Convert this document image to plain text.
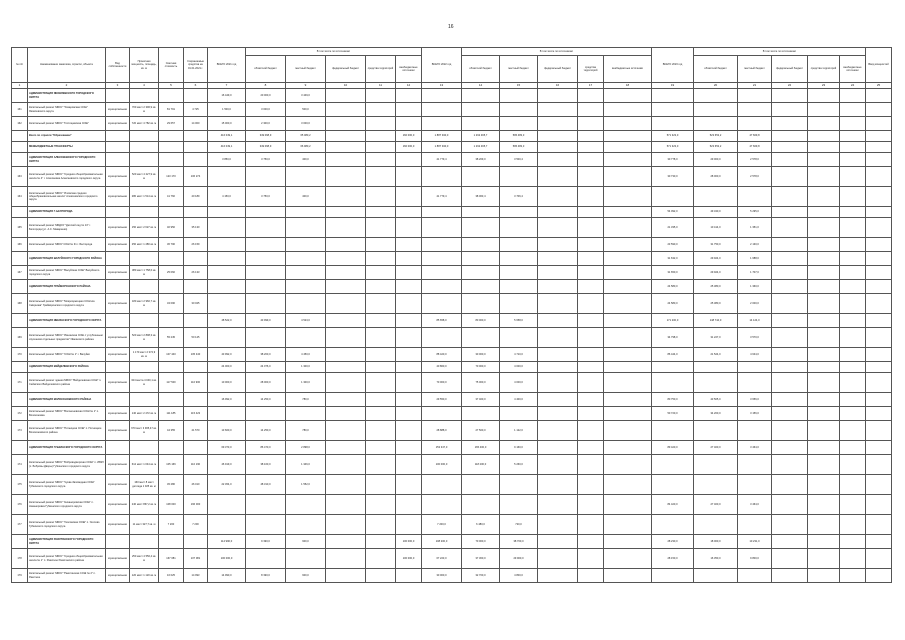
16
№ п/п	Наименование заказчика, отрасли, объекта	Вид собственности	Проектная мощность, площадь, кв. м	Сметная стоимость	Сохраняемые средства на 01.01.2021 г.	ВСЕГО 2021 год	В том числе по источникам:					ВСЕГО 2022 год	В том числе по источникам:					ВСЕГО 2023 год	В том числе по источникам:					Ввод мощностей	
							областной бюджет	местный бюджет	федеральный бюджет	средства территорий	внебюджетные источники		областной бюджет	местный бюджет	федеральный бюджет	средства территорий	внебюджетные источники		областной бюджет	местный бюджет	федеральный бюджет	средства территорий	внебюджетные источники		
1	2	3	4	5	6	7	8	9	10	11	12	13	14	15	16	17	18	19	20	21	22	23	24	25	
	АДМИНИСТРАЦИЯ ЯКОВЛЕВСКОГО ГОРОДСКОГО ОКРУГА					16 449,0	20 000,0	3 449,0																	
161	Капитальный ремонт МБОУ "Томаровская СОШ" Яковлевского округа	муниципальная	700 мест 2 396,9 кв. м	81 791	4 725	1 500,0	3 000,0	500,0																	
162	Капитальный ремонт МБОУ "Гостищевская СОШ"	муниципальная	720 мест 4 782 кв. м	29 657	14 000	15 000,0	2 300,0	3 000,0																	
	Всего по отрасли "Образование"					416 049,1	349 068,9	65 080,2			160 000,0	1 887 940,0	1 292 465,7	595 483,3				571 323,0	523 653,2	47 669,8					
	МЕЖБЮДЖЕТНЫЕ ТРАНСФЕРТЫ					416 049,1	349 068,9	66 980,2			160 000,0	1 887 940,0	1 292 465,7	595 483,3				571 323,0	523 653,2	47 669,8					
	АДМИНИСТРАЦИЯ АЛЕКСЕЕВСКОГО ГОРОДСКОГО ОКРУГА					3 850,0	3 750,0	400,0				41 779,4	38 209,0	3 500,4				30 778,0	29 000,0	2 578,0					
163	Капитальный ремонт МБОУ "Средняя общеобразовательная школа № 4" г. Алексеевка Алексеевского городского округа	муниципальная	520 мест 4 227,9 кв. м	123 170	106 274													30 730,0	28 000,0	2 578,0					
164	Капитальный ремонт МБОУ "Иловская средняя общеобразовательная школа" Алексеевского городского округа	муниципальная	280 мест 1 514 кв. м	41 760	40 189	4 150,0	3 750,0	400,0				41 779,4	38 063,4	3 706,4											
	АДМИНИСТРАЦИЯ Г. БЕЛГОРОДА																	54 092,0	49 340,0	5 295,0					
165	Капитальный ремонт МБДОУ "Детский сад № 13" г. Белгорода (ул. А.С. Макаренко)	муниципальная	150 мест 2 627 кв. м	40 950	35 130													21 335,0	10 414,0	1 351,0					
166	Капитальный ремонт МБОУ СОШ № 31 г. Белгорода	муниципальная	250 мест 1 480 кв. м	36 790	26 159													23 590,0	31 750,0	2 130,0					
	АДМИНИСТРАЦИЯ ВАЛУЙСКОГО ГОРОДСКОГО РАЙОНА																	31 632,0	29 924,0	1 688,0					
167	Капитальный ремонт МБОУ "Валуйская СОШ" Валуйского городского округа	муниципальная	380 мест 1 758,6 кв. м	25 060	26 133													31 650,0	29 924,0	1 707,0					
	АДМИНИСТРАЦИЯ ГРАЙВОРОНСКОГО РАЙОНА																	24 580,0	25 380,0	1 360,0					
168	Капитальный ремонт МБОУ "Мокрооржицкая СОШ им. Смирнова" Грайворонского городского округа	муниципальная	180 мест 2 960,7 кв. м	34 090	30 025													24 580,0	25 380,0	2 000,0					
	АДМИНИСТРАЦИЯ ИВНЯНСКОГО ГОРОДСКОГО ОКРУГА					48 522,0	43 999,0	4 523,0				85 658,0	80 000,0	5 658,0				171 200,0	148 744,0	14 124,0					
169	Капитальный ремонт МБОУ "Ивнянская СОШ с углубленным изучением отдельных предметов" Ивнянского района	муниципальная	520 мест 2 898,3 кв. м	55 245	50 125													34 798,0	31 227,0	3 570,0					
170	Капитальный ремонт МБОУ "СОШ № 1" г. Валуйки	муниципальная	1 170 мест 2 374,9 кв. м	107 440	105 440	43 992,0	38 200,0	4 450,0				88 420,0	30 000,0	4 710,0				86 444,0	21 524,0	4 644,0					
	АДМИНИСТРАЦИЯ ВЕЙДЕЛЕВСКОГО РАЙОНА					24 000,0	24 076,0	1 300,0				40 860,0	70 000,0	4 000,0											
171	Капитальный ремонт здания МБОУ "Вейделевская СОШ" п. Сеймского Вейделевского района	муниципальная	324 места 4 040,1 кв. м	117 500	110 900	10 000,0	28 000,0	1 300,0				70 000,0	75 000,0	4 000,0											
	АДМИНИСТРАЦИЯ ВОЛОКОНОВСКОГО РАЙОНА					16 992,0	14 250,0	780,0				29 550,0	37 400,0	4 400,0				80 750,0	43 505,0	3 656,0					
172	Капитальный ремонт МБОУ "Волоконовская СОШ № 1" п. Волоконовка	муниципальная	140 мест 2 472 кв. м	111 185	115 423													50 720,0	34 200,0	3 156,0					
173	Капитальный ремонт МБОУ "Пятницкая СОШ" п. Пятницкое Волоконовского района	муниципальная	670 мест 3 905,47 кв. м	44 355	41 570	13 660,0	14 250,0	780,0				28 888,0	27 500,0	1 122,0											
	АДМИНИСТРАЦИЯ ГУБКИНСКОГО ГОРОДСКОГО ОКРУГА					69 373,0	86 470,0	2 898,0				153 347,0	165 400,0	9 160,0				89 420,0	27 400,0	3 464,0					
174	Капитальный ремонт МБОУ "Боброводворская ООШ" п. ИВКУ (с. Бобровы Дворы) Губкинского городского округа	муниципальная	612 мест 1 044 кв. м	105 166	110 190	46 919,0	38 160,0	1 346,0				100 000,0	118 200,0	5 260,0											
175	Капитальный ремонт МБОУ "Чуева Заповедная ООШ" Губкинского городского округа	муниципальная	160 мест 8 мест детсада 1 025 кв. м	45 280	46 010	22 454,0	48 310,0	1 552,0																	
176	Капитальный ремонт МБОУ "Никаноровская ООШ" п. Никаноровка Губкинского городского округа	муниципальная	240 мест 867,2 кв. м	108 000	166 000													84 420,0	27 400,0	3 464,0					
177	Капитальный ремонт МБОУ "Уколовская ООШ" п. Уколово Губкинского городского округа	муниципальная	11 мест 327,7 кв. м	7 200	7 200							7 200,0	6 480,0	720,0											
	АДМИНИСТРАЦИЯ РАКИТЯНСКОГО ГОРОДСКОГО ОКРУГА					114 990,0	9 390,0	900,0			100 000,0	108 200,0	70 000,0	38 700,0				28 230,0	18 000,0	10 231,0					
178	Капитальный ремонт МБОУ "Средняя общеобразовательная школа № 1" п. Ракитное Ракитянского района	муниципальная	250 мест 4 556,4 кв. м	167 081	107 081	100 000,0					100 000,0	67 223,0	37 300,0	29 900,0				28 150,0	16 350,0	9 800,0					
179	Капитальный ремонт МБОУ "Ракитянская СОШ № 2" п. Ракитное	муниципальная	120 мест 1 120 кв. м	16 025	14 993	14 990,0	8 390,0	900,0				30 000,0	32 700,0	4 800,0											
